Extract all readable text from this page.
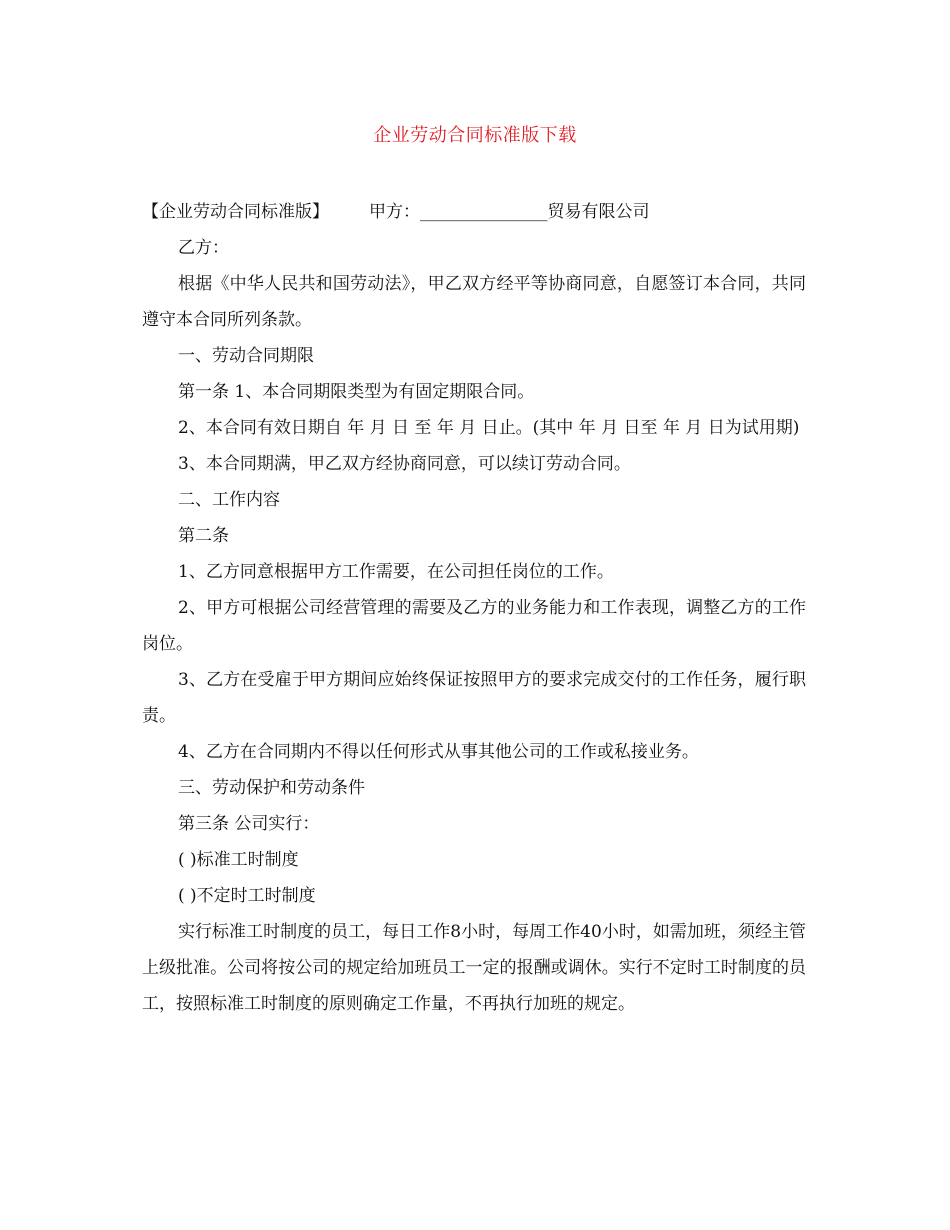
企业劳动合同标准版下载
【企业劳动合同标准版】 甲方：_______________贸易有限公司
乙方：

根据《中华人民共和国劳动法》，甲乙双方经平等协商同意，自愿签订本合同，共同遵守本合同所列条款。

一、劳动合同期限
第一条 1、本合同期限类型为有固定期限合同。

2、本合同有效日期自 年 月 日 至 年 月 日止。(其中 年 月 日至 年 月 日为试用期)

3、本合同期满，甲乙双方经协商同意，可以续订劳动合同。
二、工作内容
第二条
1、乙方同意根据甲方工作需要，在公司担任岗位的工作。

2、甲方可根据公司经营管理的需要及乙方的业务能力和工作表现，调整乙方的工作岗位。

3、乙方在受雇于甲方期间应始终保证按照甲方的要求完成交付的工作任务，履行职责。

4、乙方在合同期内不得以任何形式从事其他公司的工作或私接业务。
三、劳动保护和劳动条件
第三条 公司实行：
( )标准工时制度
( )不定时工时制度

实行标准工时制度的员工，每日工作8小时，每周工作40小时，如需加班，须经主管上级批准。公司将按公司的规定给加班员工一定的报酬或调休。实行不定时工时制度的员工，按照标准工时制度的原则确定工作量，不再执行加班的规定。
